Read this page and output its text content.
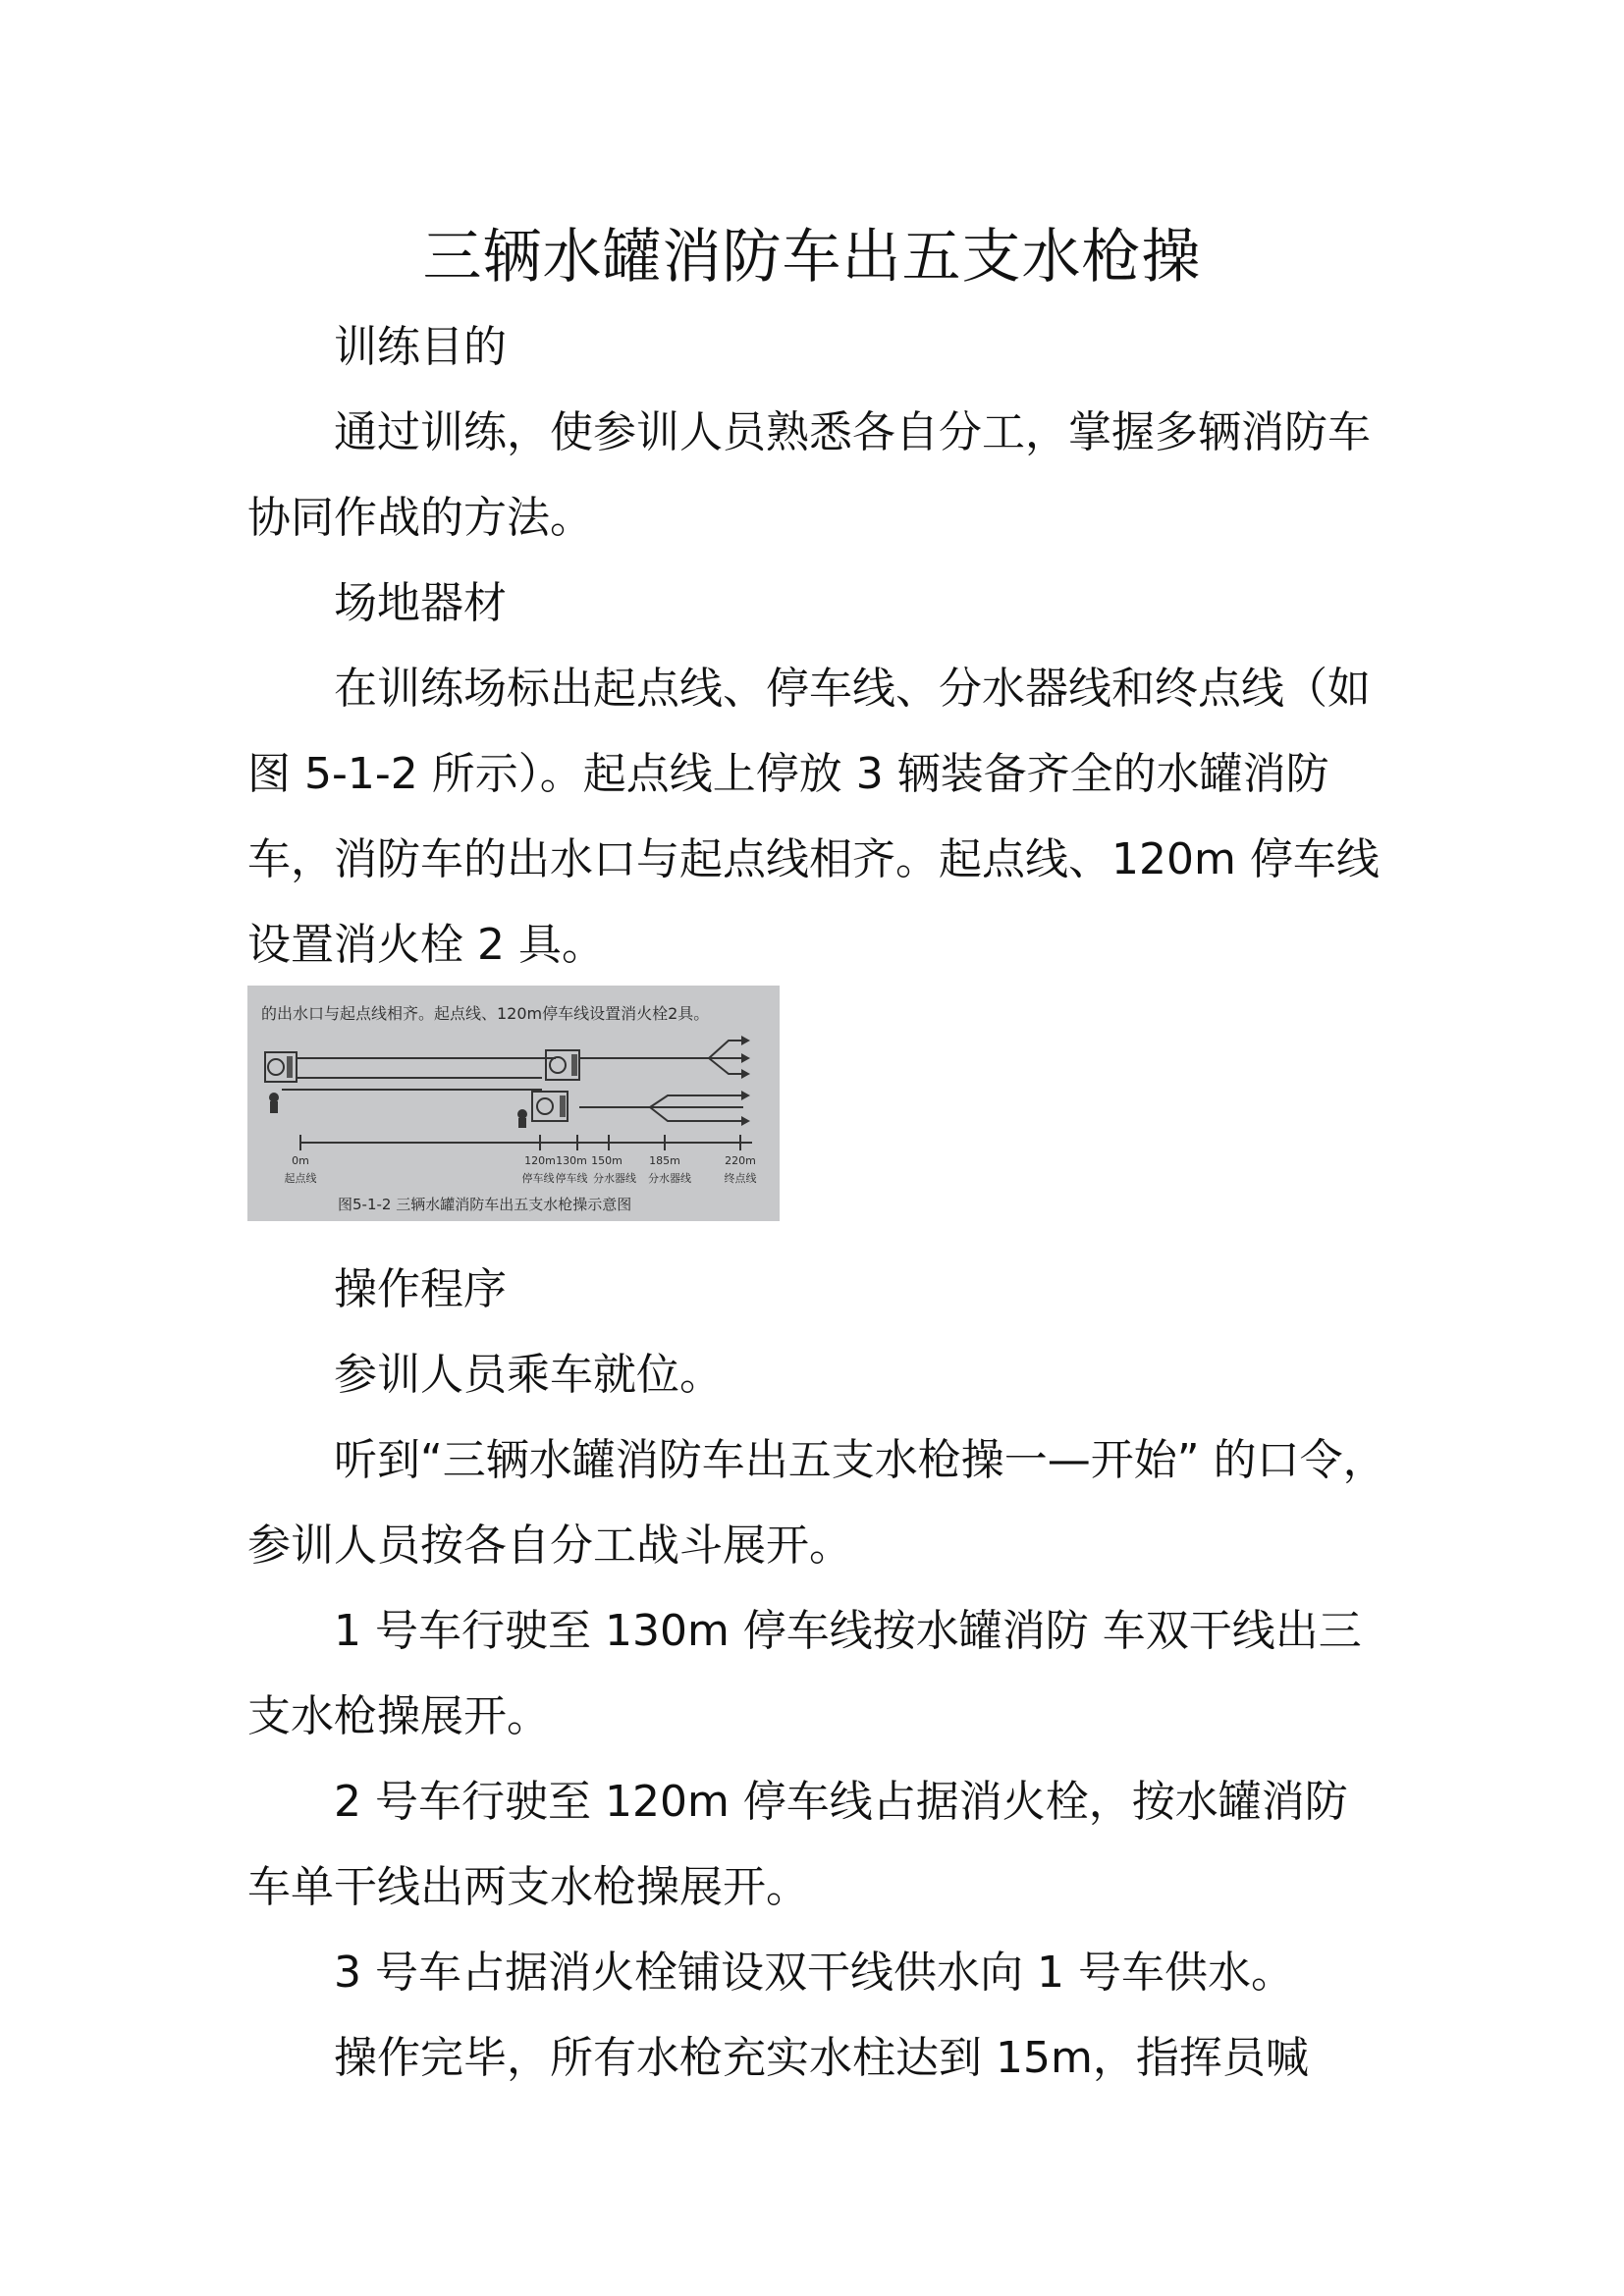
三辆水罐消防车出五支水枪操

训练目的

通过训练，使参训人员熟悉各自分工，掌握多辆消防车协同作战的方法。

场地器材

在训练场标出起点线、停车线、分水器线和终点线（如图 5-1-2 所示）。起点线上停放 3 辆装备齐全的水罐消防车，消防车的出水口与起点线相齐。起点线、120m 停车线设置消火栓 2 具。

的出水口与起点线相齐。起点线、120m停车线设置消火栓2具。
0m	120m 130m 150m 185m	220m
起点线	停车线 停车线 分水器线 分水器线	终点线
图5-1-2 三辆水罐消防车出五支水枪操示意图

操作程序

参训人员乘车就位。

听到“三辆水罐消防车出五支水枪操一—开始” 的口令，参训人员按各自分工战斗展开。

1 号车行驶至 130m 停车线按水罐消防 车双干线出三支水枪操展开。

2 号车行驶至 120m 停车线占据消火栓，按水罐消防车单干线出两支水枪操展开。

3 号车占据消火栓铺设双干线供水向 1 号车供水。

操作完毕，所有水枪充实水柱达到 15m，指挥员喊
